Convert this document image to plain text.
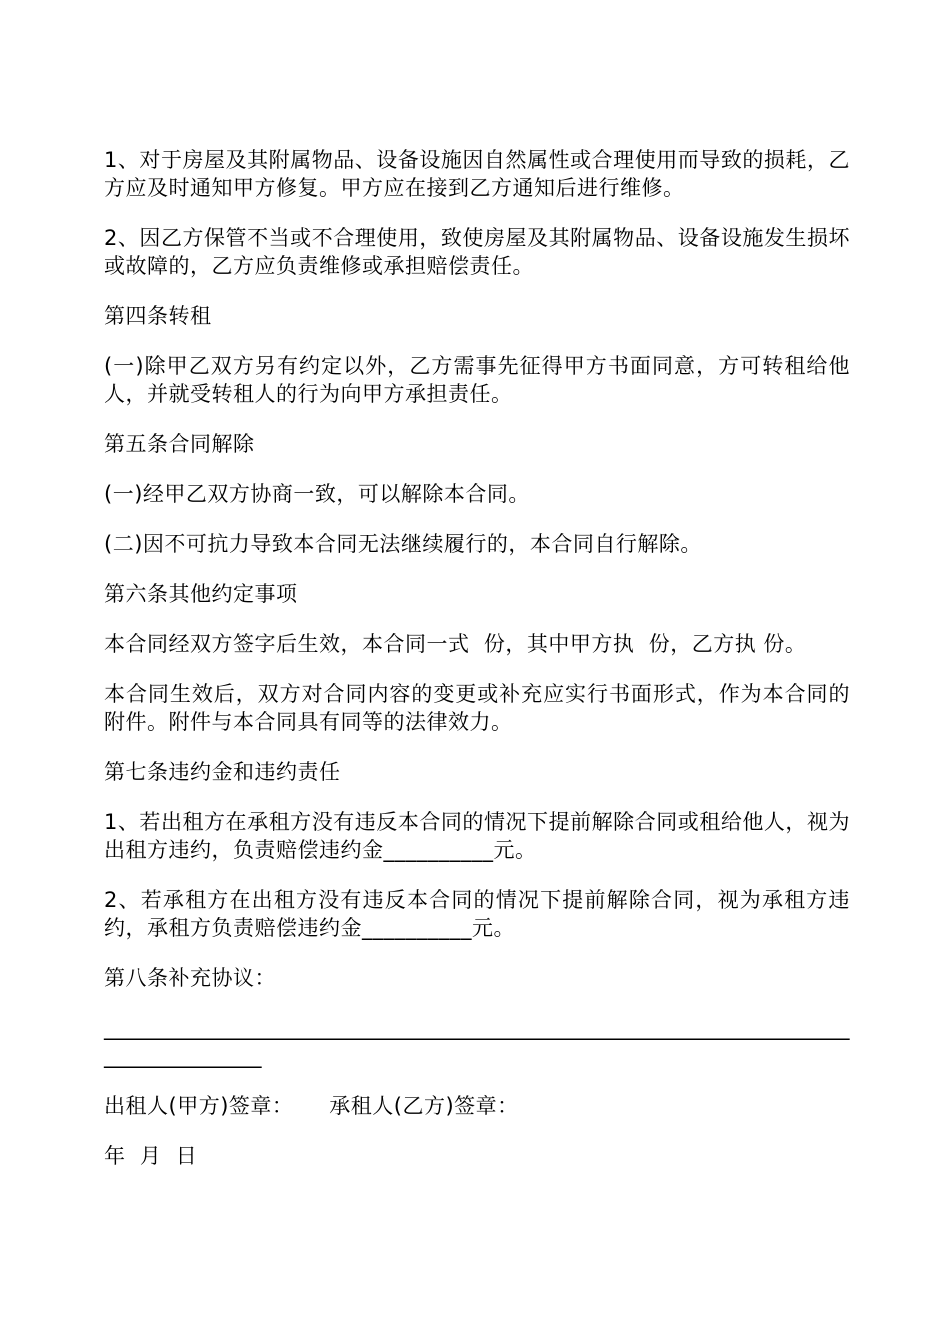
1、对于房屋及其附属物品、设备设施因自然属性或合理使用而导致的损耗，乙方应及时通知甲方修复。甲方应在接到乙方通知后进行维修。

2、因乙方保管不当或不合理使用，致使房屋及其附属物品、设备设施发生损坏或故障的，乙方应负责维修或承担赔偿责任。

第四条转租

(一)除甲乙双方另有约定以外，乙方需事先征得甲方书面同意，方可转租给他人，并就受转租人的行为向甲方承担责任。

第五条合同解除

(一)经甲乙双方协商一致，可以解除本合同。

(二)因不可抗力导致本合同无法继续履行的，本合同自行解除。

第六条其他约定事项

本合同经双方签字后生效，本合同一式  份，其中甲方执  份，乙方执 份。

本合同生效后，双方对合同内容的变更或补充应实行书面形式，作为本合同的附件。附件与本合同具有同等的法律效力。

第七条违约金和违约责任

1、若出租方在承租方没有违反本合同的情况下提前解除合同或租给他人，视为出租方违约，负责赔偿违约金__________元。

2、若承租方在出租方没有违反本合同的情况下提前解除合同，视为承租方违约，承租方负责赔偿违约金__________元。

第八条补充协议：

______________________________________________________________________________________

出租人(甲方)签章：     承租人(乙方)签章：

年  月  日
